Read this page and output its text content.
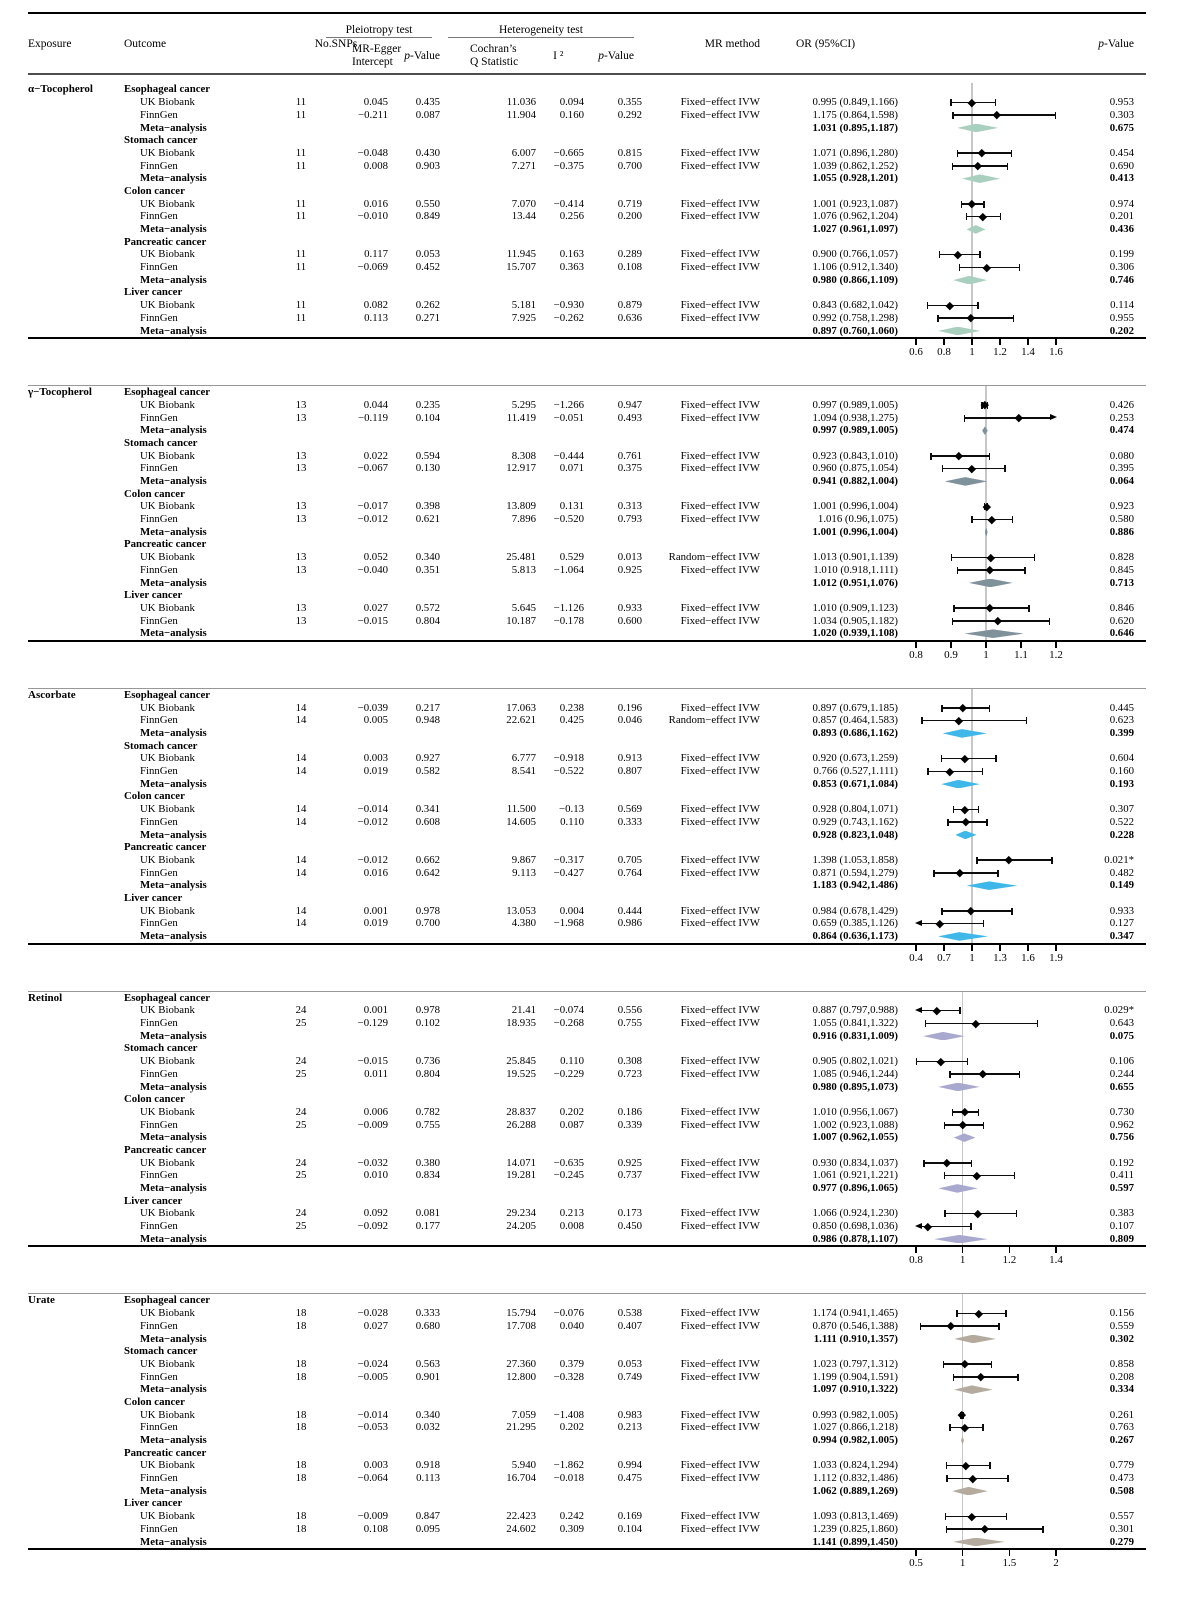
Exposure	Outcome	No.SNPs
Pleiotropy test	Heterogeneity test
MR-Egger
Intercept p-Value
Cochran’s
Q Statistic	I ²	p-Value
MR method	OR (95%CI)	p-Value
α−Tocopherol	Esophageal cancer
UK Biobank	11	0.045	0.435	11.036	0.094	0.355	Fixed−effect IVW	0.995 (0.849,1.166)	0.953
FinnGen	11	−0.211	0.087	11.904	0.160	0.292	Fixed−effect IVW	1.175 (0.864,1.598)	0.303
Meta−analysis	1.031 (0.895,1.187)	0.675
Stomach cancer
UK Biobank	11	−0.048	0.430	6.007	−0.665	0.815	Fixed−effect IVW	1.071 (0.896,1.280)	0.454
FinnGen	11	0.008	0.903	7.271	−0.375	0.700	Fixed−effect IVW	1.039 (0.862,1.252)	0.690
Meta−analysis	1.055 (0.928,1.201)	0.413
Colon cancer
UK Biobank	11	0.016	0.550	7.070	−0.414	0.719	Fixed−effect IVW	1.001 (0.923,1.087)	0.974
FinnGen	11	−0.010	0.849	13.44	0.256	0.200	Fixed−effect IVW	1.076 (0.962,1.204)	0.201
Meta−analysis	1.027 (0.961,1.097)	0.436
Pancreatic cancer
UK Biobank	11	0.117	0.053	11.945	0.163	0.289	Fixed−effect IVW	0.900 (0.766,1.057)	0.199
FinnGen	11	−0.069	0.452	15.707	0.363	0.108	Fixed−effect IVW	1.106 (0.912,1.340)	0.306
Meta−analysis	0.980 (0.866,1.109)	0.746
Liver cancer
UK Biobank	11	0.082	0.262	5.181	−0.930	0.879	Fixed−effect IVW	0.843 (0.682,1.042)	0.114
FinnGen	11	0.113	0.271	7.925	−0.262	0.636	Fixed−effect IVW	0.992 (0.758,1.298)	0.955
Meta−analysis	0.897 (0.760,1.060)	0.202
0.6	0.8	1	1.2	1.4	1.6
γ−Tocopherol	Esophageal cancer
UK Biobank	13	0.044	0.235	5.295	−1.266	0.947	Fixed−effect IVW	0.997 (0.989,1.005)	0.426
FinnGen	13	−0.119	0.104	11.419	−0.051	0.493	Fixed−effect IVW	1.094 (0.938,1.275)	0.253
Meta−analysis	0.997 (0.989,1.005)	0.474
Stomach cancer
UK Biobank	13	0.022	0.594	8.308	−0.444	0.761	Fixed−effect IVW	0.923 (0.843,1.010)	0.080
FinnGen	13	−0.067	0.130	12.917	0.071	0.375	Fixed−effect IVW	0.960 (0.875,1.054)	0.395
Meta−analysis	0.941 (0.882,1.004)	0.064
Colon cancer
UK Biobank	13	−0.017	0.398	13.809	0.131	0.313	Fixed−effect IVW	1.001 (0.996,1.004)	0.923
FinnGen	13	−0.012	0.621	7.896	−0.520	0.793	Fixed−effect IVW	1.016 (0.96,1.075)	0.580
Meta−analysis	1.001 (0.996,1.004)	0.886
Pancreatic cancer
UK Biobank	13	0.052	0.340	25.481	0.529	0.013	Random−effect IVW	1.013 (0.901,1.139)	0.828
FinnGen	13	−0.040	0.351	5.813	−1.064	0.925	Fixed−effect IVW	1.010 (0.918,1.111)	0.845
Meta−analysis	1.012 (0.951,1.076)	0.713
Liver cancer
UK Biobank	13	0.027	0.572	5.645	−1.126	0.933	Fixed−effect IVW	1.010 (0.909,1.123)	0.846
FinnGen	13	−0.015	0.804	10.187	−0.178	0.600	Fixed−effect IVW	1.034 (0.905,1.182)	0.620
Meta−analysis	1.020 (0.939,1.108)	0.646
0.8	0.9	1	1.1	1.2
Ascorbate	Esophageal cancer
UK Biobank	14	−0.039	0.217	17.063	0.238	0.196	Fixed−effect IVW	0.897 (0.679,1.185)	0.445
FinnGen	14	0.005	0.948	22.621	0.425	0.046	Random−effect IVW	0.857 (0.464,1.583)	0.623
Meta−analysis	0.893 (0.686,1.162)	0.399
Stomach cancer
UK Biobank	14	0.003	0.927	6.777	−0.918	0.913	Fixed−effect IVW	0.920 (0.673,1.259)	0.604
FinnGen	14	0.019	0.582	8.541	−0.522	0.807	Fixed−effect IVW	0.766 (0.527,1.111)	0.160
Meta−analysis	0.853 (0.671,1.084)	0.193
Colon cancer
UK Biobank	14	−0.014	0.341	11.500	−0.13	0.569	Fixed−effect IVW	0.928 (0.804,1.071)	0.307
FinnGen	14	−0.012	0.608	14.605	0.110	0.333	Fixed−effect IVW	0.929 (0.743,1.162)	0.522
Meta−analysis	0.928 (0.823,1.048)	0.228
Pancreatic cancer
UK Biobank	14	−0.012	0.662	9.867	−0.317	0.705	Fixed−effect IVW	1.398 (1.053,1.858)	0.021*
FinnGen	14	0.016	0.642	9.113	−0.427	0.764	Fixed−effect IVW	0.871 (0.594,1.279)	0.482
Meta−analysis	1.183 (0.942,1.486)	0.149
Liver cancer
UK Biobank	14	0.001	0.978	13.053	0.004	0.444	Fixed−effect IVW	0.984 (0.678,1.429)	0.933
FinnGen	14	0.019	0.700	4.380	−1.968	0.986	Fixed−effect IVW	0.659 (0.385,1.126)	0.127
Meta−analysis	0.864 (0.636,1.173)	0.347
0.4	0.7	1	1.3	1.6	1.9
Retinol	Esophageal cancer
UK Biobank	24	0.001	0.978	21.41	−0.074	0.556	Fixed−effect IVW	0.887 (0.797,0.988)	0.029*
FinnGen	25	−0.129	0.102	18.935	−0.268	0.755	Fixed−effect IVW	1.055 (0.841,1.322)	0.643
Meta−analysis	0.916 (0.831,1.009)	0.075
Stomach cancer
UK Biobank	24	−0.015	0.736	25.845	0.110	0.308	Fixed−effect IVW	0.905 (0.802,1.021)	0.106
FinnGen	25	0.011	0.804	19.525	−0.229	0.723	Fixed−effect IVW	1.085 (0.946,1.244)	0.244
Meta−analysis	0.980 (0.895,1.073)	0.655
Colon cancer
UK Biobank	24	0.006	0.782	28.837	0.202	0.186	Fixed−effect IVW	1.010 (0.956,1.067)	0.730
FinnGen	25	−0.009	0.755	26.288	0.087	0.339	Fixed−effect IVW	1.002 (0.923,1.088)	0.962
Meta−analysis	1.007 (0.962,1.055)	0.756
Pancreatic cancer
UK Biobank	24	−0.032	0.380	14.071	−0.635	0.925	Fixed−effect IVW	0.930 (0.834,1.037)	0.192
FinnGen	25	0.010	0.834	19.281	−0.245	0.737	Fixed−effect IVW	1.061 (0.921,1.221)	0.411
Meta−analysis	0.977 (0.896,1.065)	0.597
Liver cancer
UK Biobank	24	0.092	0.081	29.234	0.213	0.173	Fixed−effect IVW	1.066 (0.924,1.230)	0.383
FinnGen	25	−0.092	0.177	24.205	0.008	0.450	Fixed−effect IVW	0.850 (0.698,1.036)	0.107
Meta−analysis	0.986 (0.878,1.107)	0.809
0.8	1	1.2	1.4
Urate	Esophageal cancer
UK Biobank	18	−0.028	0.333	15.794	−0.076	0.538	Fixed−effect IVW	1.174 (0.941,1.465)	0.156
FinnGen	18	0.027	0.680	17.708	0.040	0.407	Fixed−effect IVW	0.870 (0.546,1.388)	0.559
Meta−analysis	1.111 (0.910,1.357)	0.302
Stomach cancer
UK Biobank	18	−0.024	0.563	27.360	0.379	0.053	Fixed−effect IVW	1.023 (0.797,1.312)	0.858
FinnGen	18	−0.005	0.901	12.800	−0.328	0.749	Fixed−effect IVW	1.199 (0.904,1.591)	0.208
Meta−analysis	1.097 (0.910,1.322)	0.334
Colon cancer
UK Biobank	18	−0.014	0.340	7.059	−1.408	0.983	Fixed−effect IVW	0.993 (0.982,1.005)	0.261
FinnGen	18	−0.053	0.032	21.295	0.202	0.213	Fixed−effect IVW	1.027 (0.866,1.218)	0.763
Meta−analysis	0.994 (0.982,1.005)	0.267
Pancreatic cancer
UK Biobank	18	0.003	0.918	5.940	−1.862	0.994	Fixed−effect IVW	1.033 (0.824,1.294)	0.779
FinnGen	18	−0.064	0.113	16.704	−0.018	0.475	Fixed−effect IVW	1.112 (0.832,1.486)	0.473
Meta−analysis	1.062 (0.889,1.269)	0.508
Liver cancer
UK Biobank	18	−0.009	0.847	22.423	0.242	0.169	Fixed−effect IVW	1.093 (0.813,1.469)	0.557
FinnGen	18	0.108	0.095	24.602	0.309	0.104	Fixed−effect IVW	1.239 (0.825,1.860)	0.301
Meta−analysis	1.141 (0.899,1.450)	0.279
0.5	1	1.5	2
